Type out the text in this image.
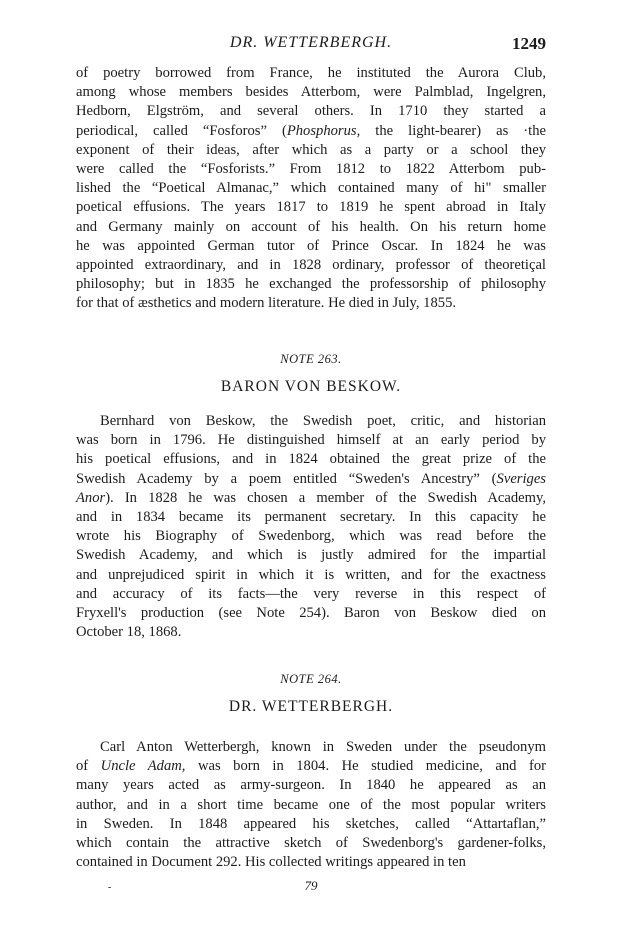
DR. WETTERBERGH.	1249
of poetry borrowed from France, he instituted the Aurora Club,
among whose members besides Atterbom, were Palmblad, Ingelgren,
Hedborn, Elgström, and several others. In 1710 they started a
periodical, called “Fosforos” (Phosphorus, the light-bearer) as ·the
exponent of their ideas, after which as a party or a school they
were called the “Fosforists.” From 1812 to 1822 Atterbom pub-
lished the “Poetical Almanac,” which contained many of hi" smaller
poetical effusions. The years 1817 to 1819 he spent abroad in Italy
and Germany mainly on account of his health. On his return home
he was appointed German tutor of Prince Oscar. In 1824 he was
appointed extraordinary, and in 1828 ordinary, professor of theoretiçal
philosophy; but in 1835 he exchanged the professorship of philosophy
for that of æsthetics and modern literature. He died in July, 1855.
NOTE 263.
BARON VON BESKOW.
Bernhard von Beskow, the Swedish poet, critic, and historian
was born in 1796. He distinguished himself at an early period by
his poetical effusions, and in 1824 obtained the great prize of the
Swedish Academy by a poem entitled “Sweden's Ancestry” (Sveriges
Anor). In 1828 he was chosen a member of the Swedish Academy,
and in 1834 became its permanent secretary. In this capacity he
wrote his Biography of Swedenborg, which was read before the
Swedish Academy, and which is justly admired for the impartial
and unprejudiced spirit in which it is written, and for the exactness
and accuracy of its facts—the very reverse in this respect of
Fryxell's production (see Note 254). Baron von Beskow died on
October 18, 1868.
NOTE 264.
DR. WETTERBERGH.
Carl Anton Wetterbergh, known in Sweden under the pseudonym
of Uncle Adam, was born in 1804. He studied medicine, and for
many years acted as army-surgeon. In 1840 he appeared as an
author, and in a short time became one of the most popular writers
in Sweden. In 1848 appeared his sketches, called “Attartaflan,”
which contain the attractive sketch of Swedenborg's gardener-folks,
contained in Document 292. His collected writings appeared in ten
-	79
